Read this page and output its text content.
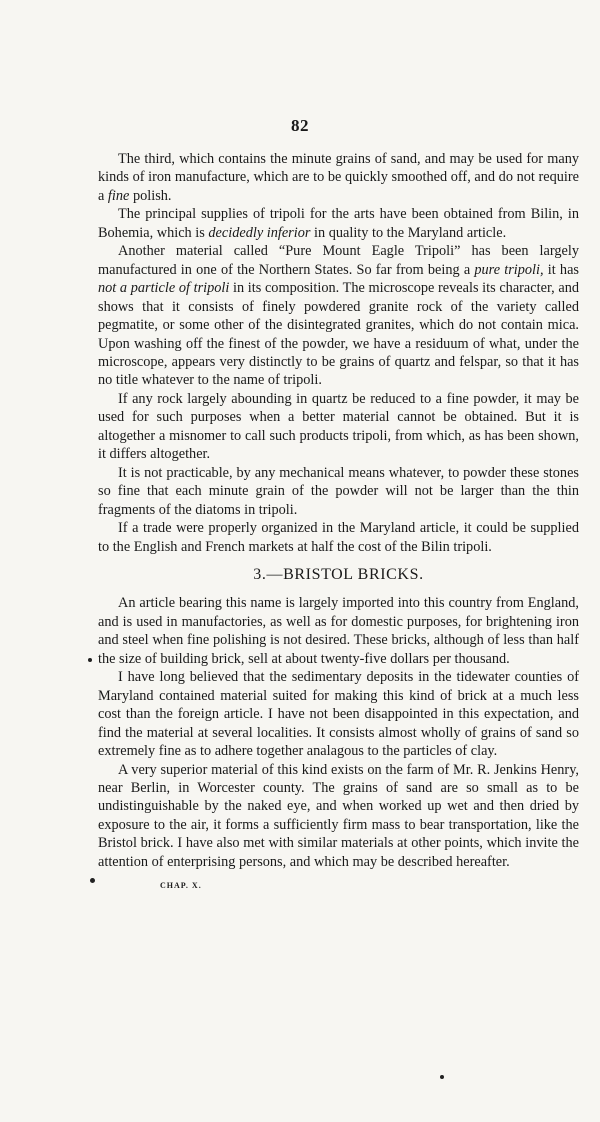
82

The third, which contains the minute grains of sand, and may be used for many kinds of iron manufacture, which are to be quickly smoothed off, and do not require a fine polish.

The principal supplies of tripoli for the arts have been obtained from Bilin, in Bohemia, which is decidedly inferior in quality to the Maryland article.

Another material called “Pure Mount Eagle Tripoli” has been largely manufactured in one of the Northern States. So far from being a pure tripoli, it has not a particle of tripoli in its composition. The microscope reveals its character, and shows that it consists of finely powdered granite rock of the variety called pegmatite, or some other of the disintegrated granites, which do not contain mica. Upon washing off the finest of the powder, we have a residuum of what, under the microscope, appears very distinctly to be grains of quartz and felspar, so that it has no title whatever to the name of tripoli.

If any rock largely abounding in quartz be reduced to a fine powder, it may be used for such purposes when a better material cannot be obtained. But it is altogether a misnomer to call such products tripoli, from which, as has been shown, it differs altogether.

It is not practicable, by any mechanical means whatever, to powder these stones so fine that each minute grain of the powder will not be larger than the thin fragments of the diatoms in tripoli.

If a trade were properly organized in the Maryland article, it could be supplied to the English and French markets at half the cost of the Bilin tripoli.

3.—BRISTOL BRICKS.

An article bearing this name is largely imported into this country from England, and is used in manufactories, as well as for domestic purposes, for brightening iron and steel when fine polishing is not desired. These bricks, although of less than half the size of building brick, sell at about twenty-five dollars per thousand.

I have long believed that the sedimentary deposits in the tidewater counties of Maryland contained material suited for making this kind of brick at a much less cost than the foreign article. I have not been disappointed in this expectation, and find the material at several localities. It consists almost wholly of grains of sand so extremely fine as to adhere together analagous to the particles of clay.

A very superior material of this kind exists on the farm of Mr. R. Jenkins Henry, near Berlin, in Worcester county. The grains of sand are so small as to be undistinguishable by the naked eye, and when worked up wet and then dried by exposure to the air, it forms a sufficiently firm mass to bear transportation, like the Bristol brick. I have also met with similar materials at other points, which invite the attention of enterprising persons, and which may be described hereafter.

CHAP. X.
